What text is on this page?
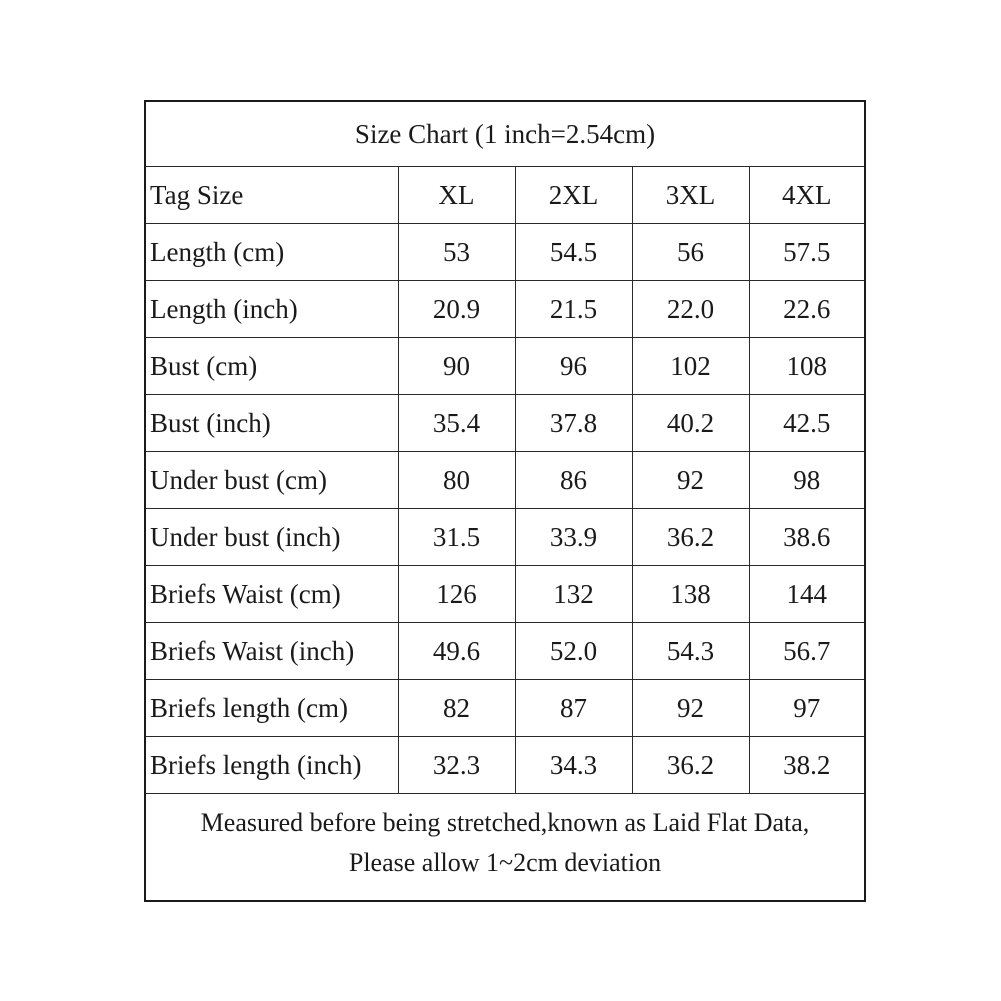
Size Chart (1 inch=2.54cm)				
Tag Size	XL	2XL	3XL	4XL
Length (cm)	53	54.5	56	57.5
Length (inch)	20.9	21.5	22.0	22.6
Bust (cm)	90	96	102	108
Bust (inch)	35.4	37.8	40.2	42.5
Under bust (cm)	80	86	92	98
Under bust (inch)	31.5	33.9	36.2	38.6
Briefs Waist (cm)	126	132	138	144
Briefs Waist (inch)	49.6	52.0	54.3	56.7
Briefs length (cm)	82	87	92	97
Briefs length (inch)	32.3	34.3	36.2	38.2

Measured before being stretched,known as Laid Flat Data,
Please allow 1~2cm deviation				
